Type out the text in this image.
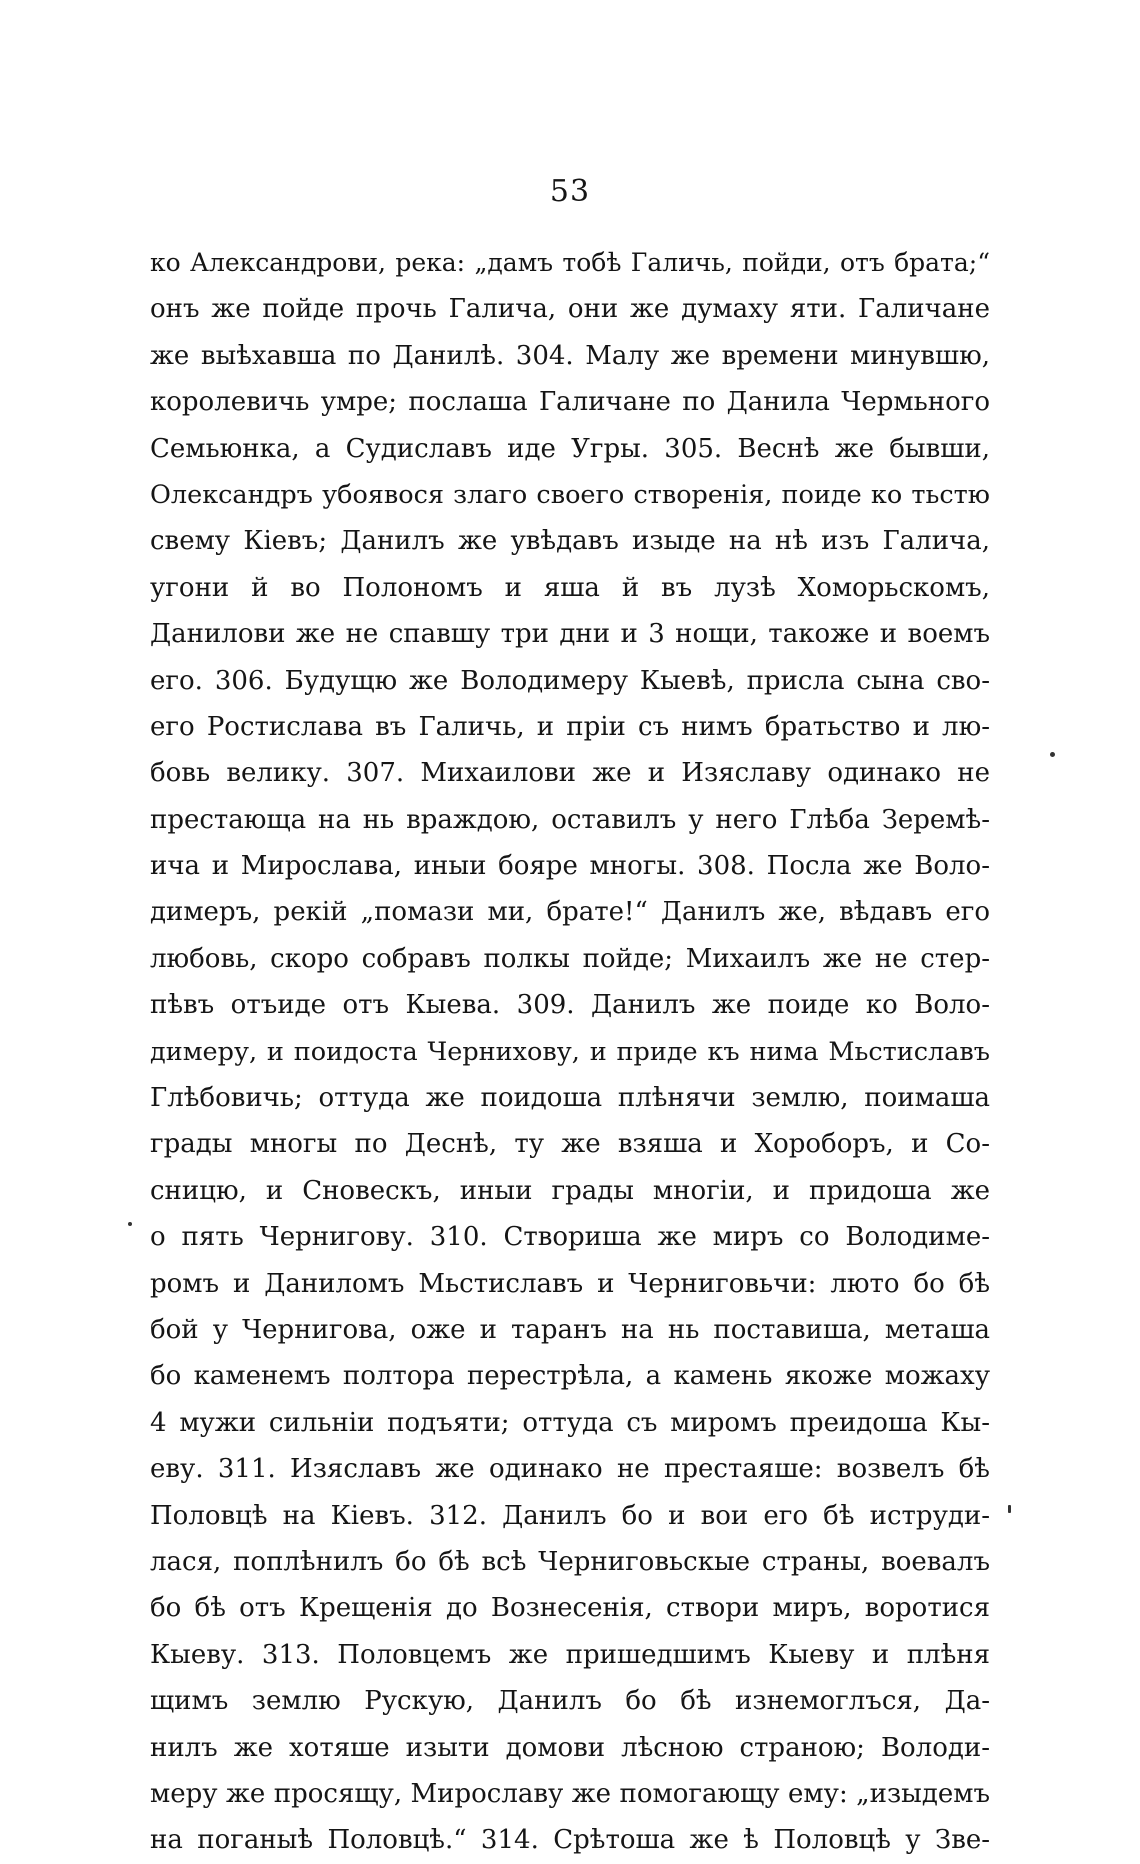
53
ко Александрови, река: „дамъ тобѣ Галичь, пойди, отъ брата;“
онъ же пойде прочь Галича, они же думаху яти. Галичане
же выѣхавша по Данилѣ. 304. Малу же времени минувшю,
королевичь умре; послаша Галичане по Данила Чермьного
Семьюнка, а Судиславъ иде Угры. 305. Веснѣ же бывши,
Олександръ убоявося злаго своего створенія, поиде ко тьстю
свему Кіевъ; Данилъ же увѣдавъ изыде на нѣ изъ Галича,
угони й во Полономъ и яша й въ лузѣ Хоморьскомъ,
Данилови же не спавшу три дни и 3 нощи, такоже и воемъ
его. 306. Будущю же Володимеру Кыевѣ, присла сына сво-
его Ростислава въ Галичь, и пріи съ нимъ братьство и лю-
бовь велику. 307. Михаилови же и Изяславу одинако не
престающа на нь враждою, оставилъ у него Глѣба Зеремѣ-
ича и Мирослава, иныи бояре многы. 308. Посла же Воло-
димеръ, рекій „помази ми, брате!“ Данилъ же, вѣдавъ его
любовь, скоро собравъ полкы пойде; Михаилъ же не стер-
пѣвъ отъиде отъ Кыева. 309. Данилъ же поиде ко Воло-
димеру, и поидоста Чернихову, и приде къ нима Мьстиславъ
Глѣбовичь; оттуда же поидоша плѣнячи землю, поимаша
грады многы по Деснѣ, ту же взяша и Хороборъ, и Со-
сницю, и Сновескъ, иныи грады многіи, и придоша же
о пять Чернигову. 310. Створиша же миръ со Володиме-
ромъ и Даниломъ Мьстиславъ и Черниговьчи: люто бо бѣ
бой у Чернигова, оже и таранъ на нь поставиша, меташа
бо каменемъ полтора перестрѣла, а камень якоже можаху
4 мужи сильніи подъяти; оттуда съ миромъ преидоша Кы-
еву. 311. Изяславъ же одинако не престаяше: возвелъ бѣ
Половцѣ на Кіевъ. 312. Данилъ бо и вои его бѣ иструди-
лася, поплѣнилъ бо бѣ всѣ Черниговьскые страны, воевалъ
бо бѣ отъ Крещенія до Вознесенія, створи миръ, воротися
Кыеву. 313. Половцемъ же пришедшимъ Кыеву и плѣня
щимъ землю Рускую, Данилъ бо бѣ изнемоглъся, Да-
нилъ же хотяше изыти домови лѣсною страною; Володи-
меру же просящу, Мирославу же помогающу ему: „изыдемъ
на поганыѣ Половцѣ.“ 314. Срѣтоша же ѣ Половцѣ у Зве-
